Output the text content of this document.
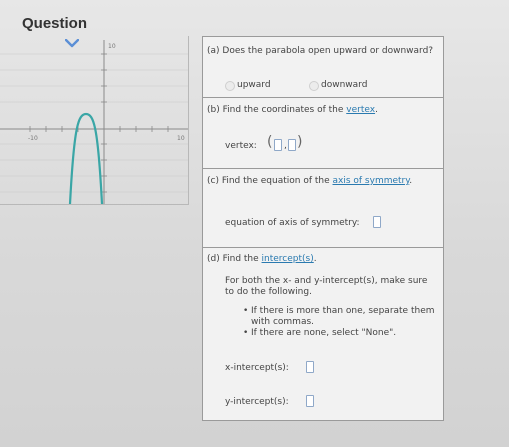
Question
10
10
-10
(a) Does the parabola open upward or downward?
upward	downward
(b) Find the coordinates of the vertex.
vertex: ( , )
(c) Find the equation of the axis of symmetry.
equation of axis of symmetry:
(d) Find the intercept(s).
For both the x- and y-intercept(s), make sure
to do the following.
• If there is more than one, separate them
with commas.
• If there are none, select "None".
x-intercept(s):
y-intercept(s):
